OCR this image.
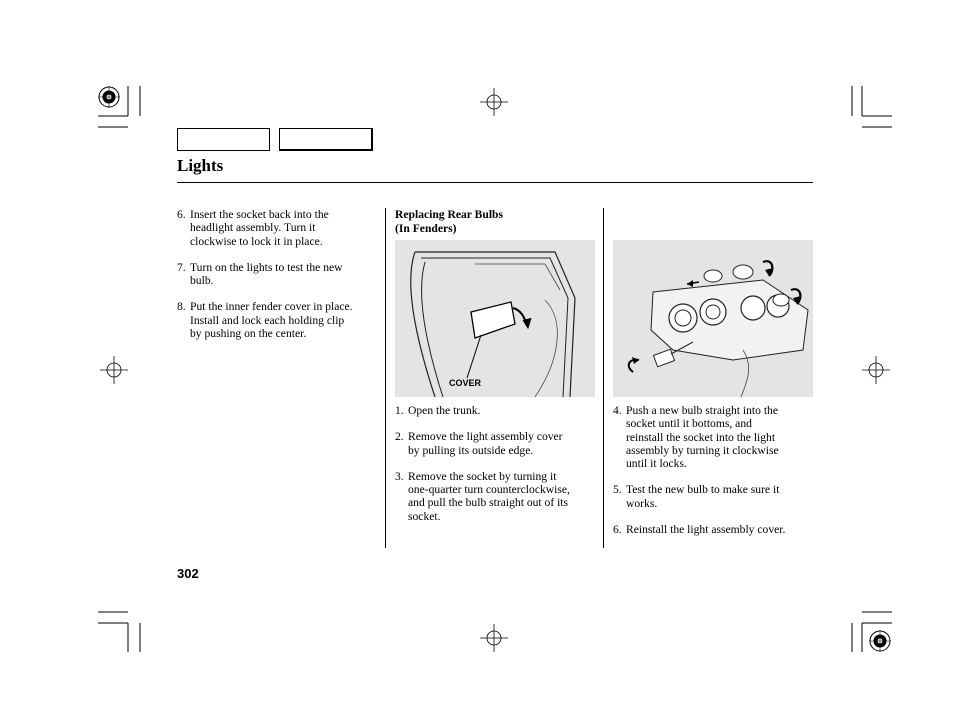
Lights
6. Insert the socket back into the
headlight assembly. Turn it
clockwise to lock it in place.
7. Turn on the lights to test the new
bulb.
8. Put the inner fender cover in place.
Install and lock each holding clip
by pushing on the center.
Replacing Rear Bulbs
(In Fenders)
COVER
1. Open the trunk.
2. Remove the light assembly cover
by pulling its outside edge.
3. Remove the socket by turning it
one-quarter turn counterclockwise,
and pull the bulb straight out of its
socket.
4. Push a new bulb straight into the
socket until it bottoms, and
reinstall the socket into the light
assembly by turning it clockwise
until it locks.
5. Test the new bulb to make sure it
works.
6. Reinstall the light assembly cover.
302
